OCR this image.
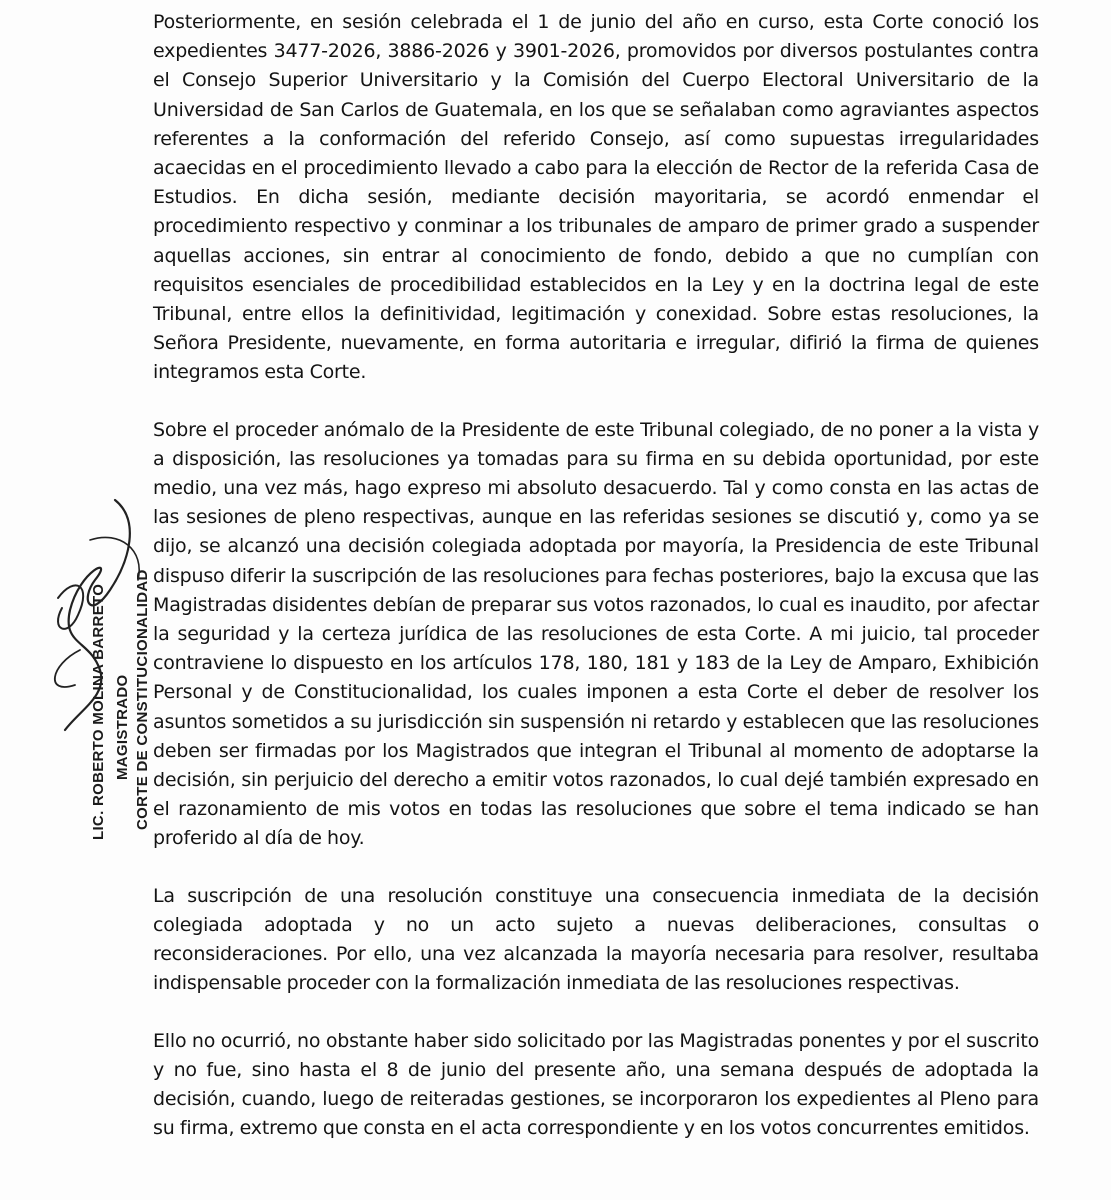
Posteriormente, en sesión celebrada el 1 de junio del año en curso, esta Corte conoció los expedientes 3477-2026, 3886-2026 y 3901-2026, promovidos por diversos postulantes contra el Consejo Superior Universitario y la Comisión del Cuerpo Electoral Universitario de la Universidad de San Carlos de Guatemala, en los que se señalaban como agraviantes aspectos referentes a la conformación del referido Consejo, así como supuestas irregularidades acaecidas en el procedimiento llevado a cabo para la elección de Rector de la referida Casa de Estudios. En dicha sesión, mediante decisión mayoritaria, se acordó enmendar el procedimiento respectivo y conminar a los tribunales de amparo de primer grado a suspender aquellas acciones, sin entrar al conocimiento de fondo, debido a que no cumplían con requisitos esenciales de procedibilidad establecidos en la Ley y en la doctrina legal de este Tribunal, entre ellos la definitividad, legitimación y conexidad. Sobre estas resoluciones, la Señora Presidente, nuevamente, en forma autoritaria e irregular, difirió la firma de quienes integramos esta Corte.

Sobre el proceder anómalo de la Presidente de este Tribunal colegiado, de no poner a la vista y a disposición, las resoluciones ya tomadas para su firma en su debida oportunidad, por este medio, una vez más, hago expreso mi absoluto desacuerdo. Tal y como consta en las actas de las sesiones de pleno respectivas, aunque en las referidas sesiones se discutió y, como ya se dijo, se alcanzó una decisión colegiada adoptada por mayoría, la Presidencia de este Tribunal dispuso diferir la suscripción de las resoluciones para fechas posteriores, bajo la excusa que las Magistradas disidentes debían de preparar sus votos razonados, lo cual es inaudito, por afectar la seguridad y la certeza jurídica de las resoluciones de esta Corte. A mi juicio, tal proceder contraviene lo dispuesto en los artículos 178, 180, 181 y 183 de la Ley de Amparo, Exhibición Personal y de Constitucionalidad, los cuales imponen a esta Corte el deber de resolver los asuntos sometidos a su jurisdicción sin suspensión ni retardo y establecen que las resoluciones deben ser firmadas por los Magistrados que integran el Tribunal al momento de adoptarse la decisión, sin perjuicio del derecho a emitir votos razonados, lo cual dejé también expresado en el razonamiento de mis votos en todas las resoluciones que sobre el tema indicado se han proferido al día de hoy.

La suscripción de una resolución constituye una consecuencia inmediata de la decisión colegiada adoptada y no un acto sujeto a nuevas deliberaciones, consultas o reconsideraciones. Por ello, una vez alcanzada la mayoría necesaria para resolver, resultaba indispensable proceder con la formalización inmediata de las resoluciones respectivas.

Ello no ocurrió, no obstante haber sido solicitado por las Magistradas ponentes y por el suscrito y no fue, sino hasta el 8 de junio del presente año, una semana después de adoptada la decisión, cuando, luego de reiteradas gestiones, se incorporaron los expedientes al Pleno para su firma, extremo que consta en el acta correspondiente y en los votos concurrentes emitidos.

LIC. ROBERTO MOLINA BARRETO MAGISTRADO CORTE DE CONSTITUCIONALIDAD
